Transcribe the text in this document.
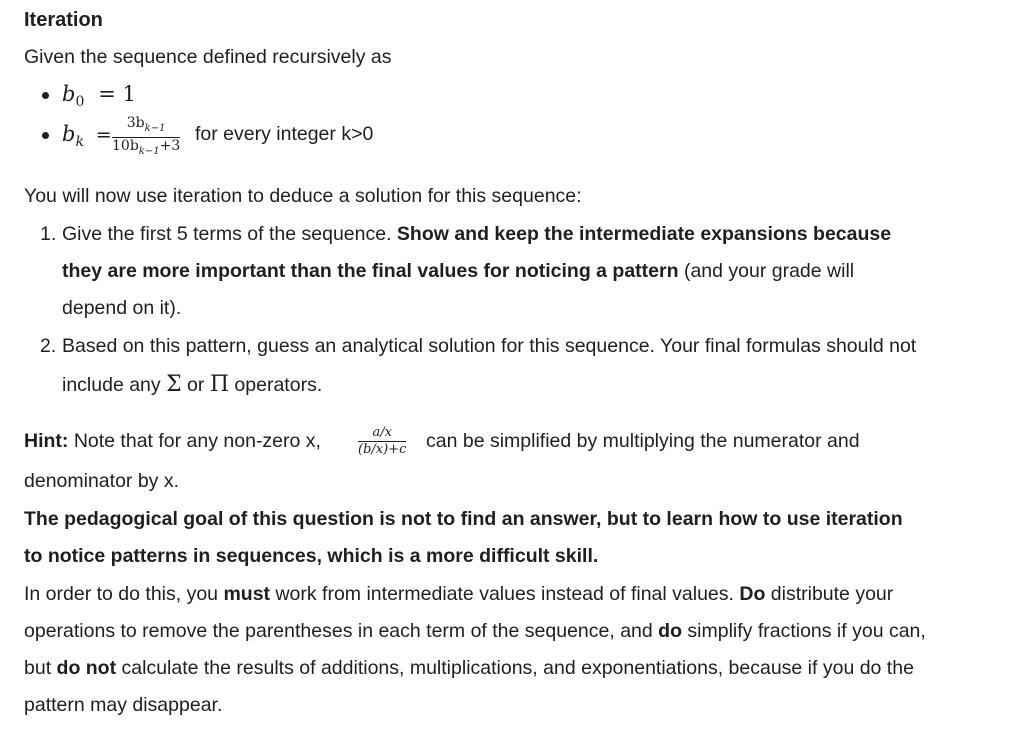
Iteration
Given the sequence defined recursively as
$b_0 = 1$
$b_k$ =
$3b_{k-1}$
$10b_{k-1}+3$
for every integer k>0
You will now use iteration to deduce a solution for this sequence:
1. Give the first 5 terms of the sequence. Show and keep the intermediate expansions because
they are more important than the final values for noticing a pattern (and your grade will
depend on it).
2. Based on this pattern, guess an analytical solution for this sequence. Your final formulas should not
include any Σ or Π operators.
Hint: Note that for any non-zero x,	a/x
(b/x)+c can be simplified by multiplying the numerator and
denominator by x.
The pedagogical goal of this question is not to find an answer, but to learn how to use iteration
to notice patterns in sequences, which is a more difficult skill.
In order to do this, you must work from intermediate values instead of final values. Do distribute your
operations to remove the parentheses in each term of the sequence, and do simplify fractions if you can,
but do not calculate the results of additions, multiplications, and exponentiations, because if you do the
pattern may disappear.
